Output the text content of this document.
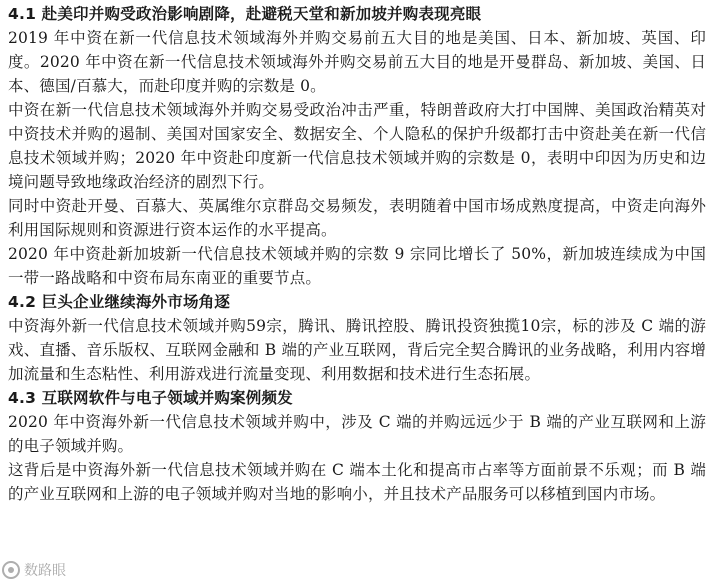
4.1 赴美印并购受政治影响剧降，赴避税天堂和新加坡并购表现亮眼

2019 年中资在新一代信息技术领域海外并购交易前五大目的地是美国、日本、新加坡、英国、印度。2020 年中资在新一代信息技术领域海外并购交易前五大目的地是开曼群岛、新加坡、美国、日本、德国/百慕大，而赴印度并购的宗数是 0。

中资在新一代信息技术领域海外并购交易受政治冲击严重，特朗普政府大打中国牌、美国政治精英对中资技术并购的遏制、美国对国家安全、数据安全、个人隐私的保护升级都打击中资赴美在新一代信息技术领域并购；2020 年中资赴印度新一代信息技术领域并购的宗数是 0，表明中印因为历史和边境问题导致地缘政治经济的剧烈下行。

同时中资赴开曼、百慕大、英属维尔京群岛交易频发，表明随着中国市场成熟度提高，中资走向海外利用国际规则和资源进行资本运作的水平提高。

2020 年中资赴新加坡新一代信息技术领域并购的宗数 9 宗同比增长了 50%，新加坡连续成为中国一带一路战略和中资布局东南亚的重要节点。

4.2 巨头企业继续海外市场角逐

中资海外新一代信息技术领域并购59宗，腾讯、腾讯控股、腾讯投资独揽10宗，标的涉及 C 端的游戏、直播、音乐版权、互联网金融和 B 端的产业互联网，背后完全契合腾讯的业务战略，利用内容增加流量和生态粘性、利用游戏进行流量变现、利用数据和技术进行生态拓展。

4.3 互联网软件与电子领域并购案例频发

2020 年中资海外新一代信息技术领域并购中，涉及 C 端的并购远远少于 B 端的产业互联网和上游的电子领域并购。

这背后是中资海外新一代信息技术领域并购在 C 端本土化和提高市占率等方面前景不乐观；而 B 端的产业互联网和上游的电子领域并购对当地的影响小，并且技术产品服务可以移植到国内市场。

数路眼
